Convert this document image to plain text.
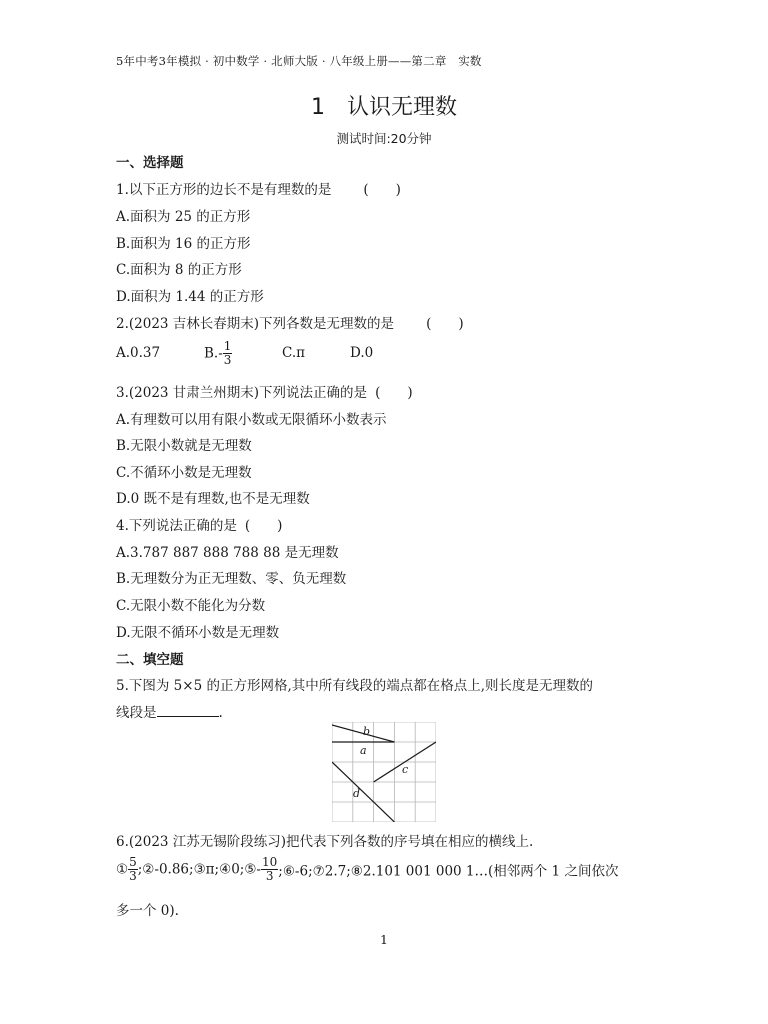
5年中考3年模拟 · 初中数学 · 北师大版 · 八年级上册——第二章　实数
1 认识无理数
测试时间:20分钟
一、选择题
1.以下正方形的边长不是有理数的是 (　　)
A.面积为 25 的正方形
B.面积为 16 的正方形
C.面积为 8 的正方形
D.面积为 1.44 的正方形
2.(2023 吉林长春期末)下列各数是无理数的是 (　　)
A.0.37	$B.- \frac{1}{3}$	C.π	D.0
3.(2023 甘肃兰州期末)下列说法正确的是 (　　)
A.有理数可以用有限小数或无限循环小数表示
B.无限小数就是无理数
C.不循环小数是无理数
D.0 既不是有理数,也不是无理数
4.下列说法正确的是 (　　)
A.3.787 887 888 788 88 是无理数
B.无理数分为正无理数、零、负无理数
C.无限小数不能化为分数
D.无限不循环小数是无理数
二、填空题
5.下图为 5×5 的正方形网格,其中所有线段的端点都在格点上,则长度是无理数的
线段是	.
b
a
c
d
6.(2023 江苏无锡阶段练习)把代表下列各数的序号填在相应的横线上.
① $\frac{5}{3}$ ;②-0.86;③π;④0;⑤- $\frac{10}{3}$ ;⑥-6;⑦2.7;⑧2.101 001 000 1…(相邻两个 1 之间依次
多一个 0).
1
